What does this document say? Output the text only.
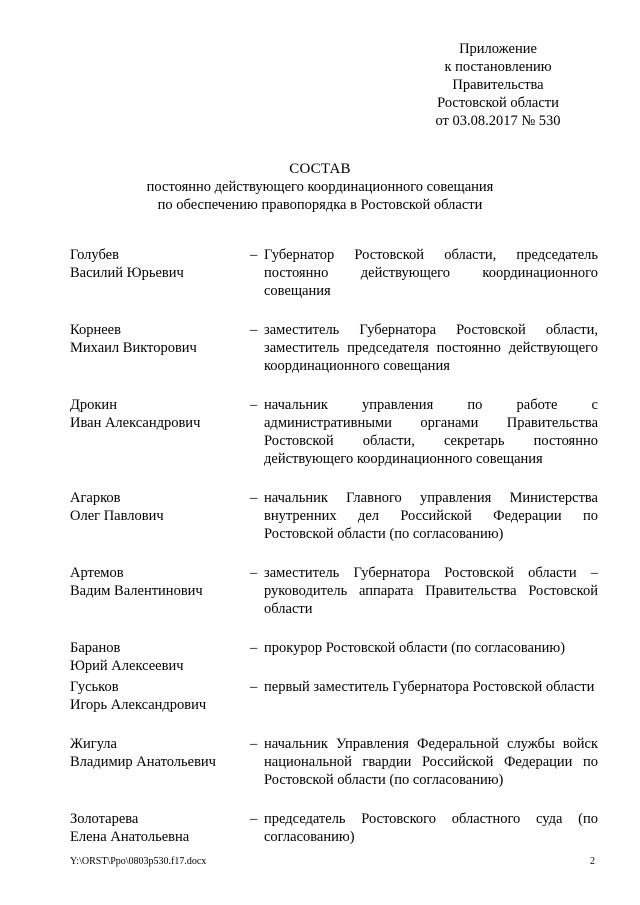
Приложение
к постановлению
Правительства
Ростовской области
от 03.08.2017 № 530
СОСТАВ
постоянно действующего координационного совещания
по обеспечению правопорядка в Ростовской области
Голубев
Василий Юрьевич
– Губернатор Ростовской области, председатель постоянно действующего координационного совещания
Корнеев
Михаил Викторович
– заместитель Губернатора Ростовской области, заместитель председателя постоянно действующего координационного совещания
Дрокин
Иван Александрович
– начальник управления по работе с административными органами Правительства Ростовской области, секретарь постоянно действующего координационного совещания
Агарков
Олег Павлович
– начальник Главного управления Министерства внутренних дел Российской Федерации по Ростовской области (по согласованию)
Артемов
Вадим Валентинович
– заместитель Губернатора Ростовской области – руководитель аппарата Правительства Ростовской области
Баранов
Юрий Алексеевич
– прокурор Ростовской области (по согласованию)
Гуськов
Игорь Александрович
– первый заместитель Губернатора Ростовской области
Жигула
Владимир Анатольевич
– начальник Управления Федеральной службы войск национальной гвардии Российской Федерации по Ростовской области (по согласованию)
Золотарева
Елена Анатольевна
– председатель Ростовского областного суда (по согласованию)
Y:\ORST\Ppo\0803p530.f17.docx	2
